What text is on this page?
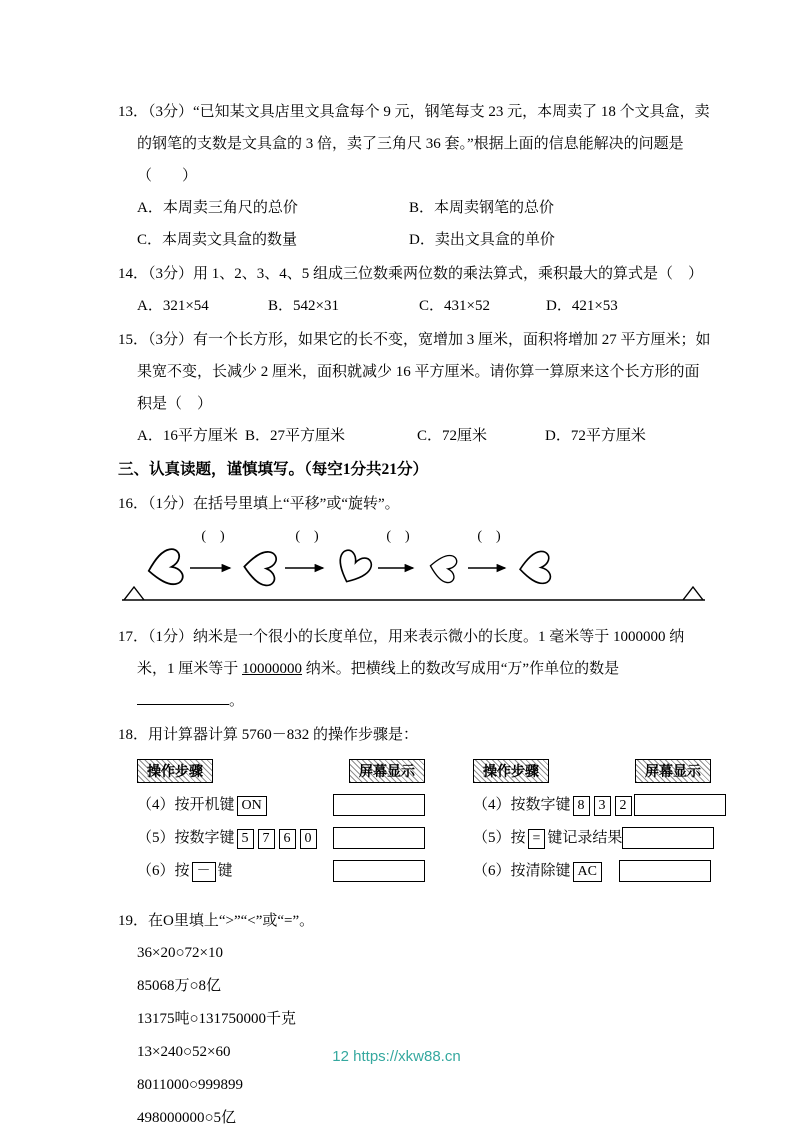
13．（3分）“已知某文具店里文具盒每个 9 元，钢笔每支 23 元，本周卖了 18 个文具盒，卖的钢笔的支数是文具盒的 3 倍，卖了三角尺 36 套。”根据上面的信息能解决的问题是（　　）

A．本周卖三角尺的总价	B．本周卖钢笔的总价
C．本周卖文具盒的数量	D．卖出文具盒的单价

14．（3分）用 1、2、3、4、5 组成三位数乘两位数的乘法算式，乘积最大的算式是（　）

A．321×54	B．542×31	C．431×52	D．421×53

15．（3分）有一个长方形，如果它的长不变，宽增加 3 厘米，面积将增加 27 平方厘米；如果宽不变，长减少 2 厘米，面积就减少 16 平方厘米。请你算一算原来这个长方形的面积是（　）

A．16平方厘米 B．27平方厘米	C．72厘米	D．72平方厘米

三、认真读题，谨慎填写。（每空1分共21分）

16．（1分）在括号里填上“平移”或“旋转”。

(　)	(　)	(　)	(　)

17．（1分）纳米是一个很小的长度单位，用来表示微小的长度。1 毫米等于 1000000 纳米，1 厘米等于 10000000 纳米。把横线上的数改写成用“万”作单位的数是 。

18．用计算器计算 5760－832 的操作步骤是：

操作步骤	屏幕显示
（4）按开机键 ON
（5）按数字键 5 7 6 0
（6）按 － 键
操作步骤	屏幕显示
（4）按数字键 8 3 2
（5）按 = 键记录结果
（6）按清除键 AC

19．在O里填上“>”“<”或“=”。

36×20○72×10

85068万○8亿

13175吨○131750000千克

13×240○52×60

8011000○999899

498000000○5亿

12 https://xkw88.cn
